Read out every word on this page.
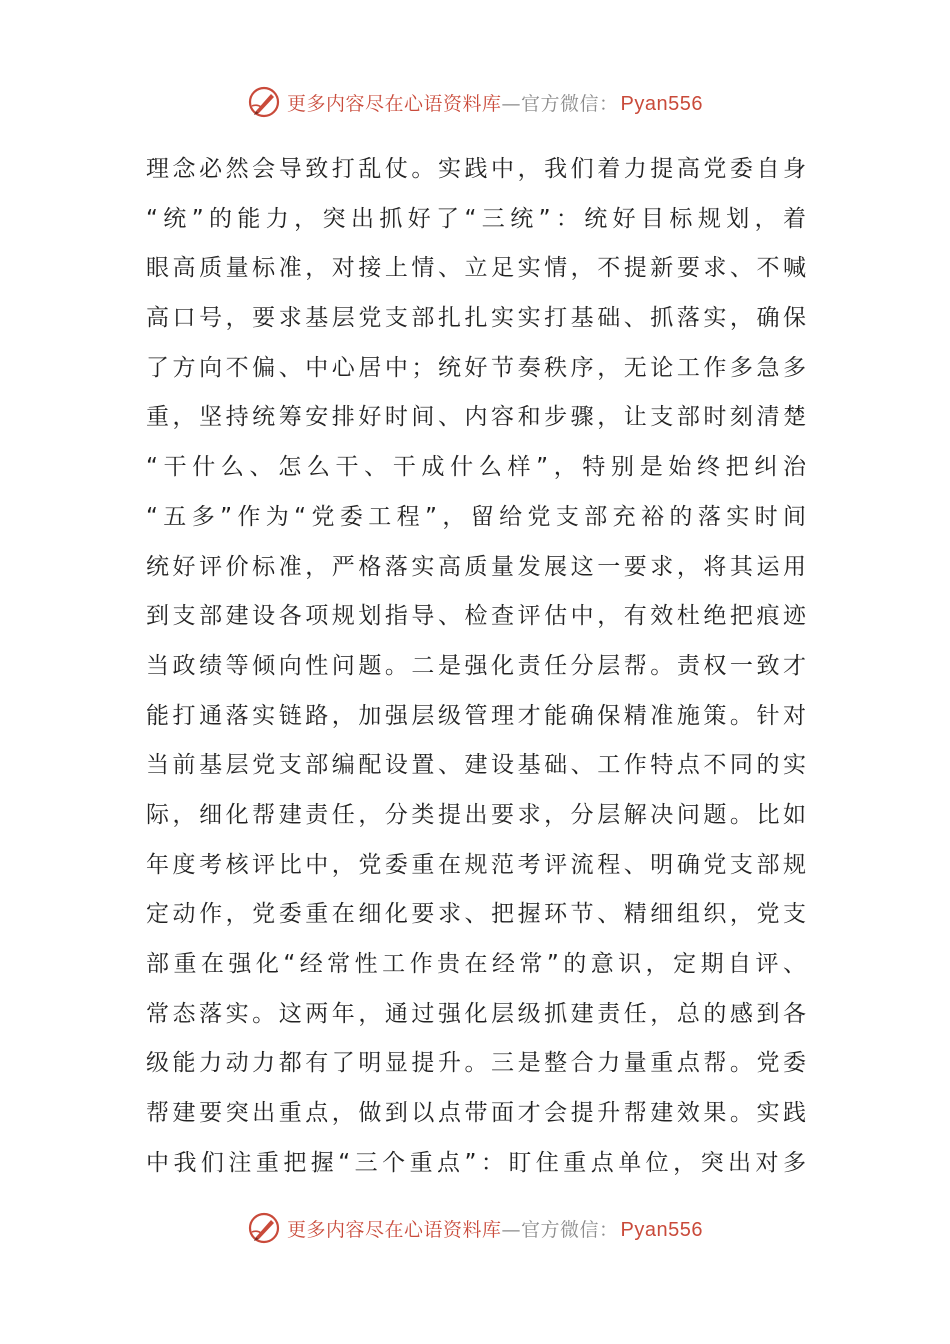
更多内容尽在心语资料库—官方微信： Pyan556
理念必然会导致打乱仗。实践中，我们着力提高党委自身
“统”的能力，突出抓好了“三统”：统好目标规划，着
眼高质量标准，对接上情、立足实情，不提新要求、不喊
高口号，要求基层党支部扎扎实实打基础、抓落实，确保
了方向不偏、中心居中；统好节奏秩序，无论工作多急多
重，坚持统筹安排好时间、内容和步骤，让支部时刻清楚
“干什么、怎么干、干成什么样”，特别是始终把纠治
“五多”作为“党委工程”，留给党支部充裕的落实时间
统好评价标准，严格落实高质量发展这一要求，将其运用
到支部建设各项规划指导、检查评估中，有效杜绝把痕迹
当政绩等倾向性问题。二是强化责任分层帮。责权一致才
能打通落实链路，加强层级管理才能确保精准施策。针对
当前基层党支部编配设置、建设基础、工作特点不同的实
际，细化帮建责任，分类提出要求，分层解决问题。比如
年度考核评比中，党委重在规范考评流程、明确党支部规
定动作，党委重在细化要求、把握环节、精细组织，党支
部重在强化“经常性工作贵在经常”的意识，定期自评、
常态落实。这两年，通过强化层级抓建责任，总的感到各
级能力动力都有了明显提升。三是整合力量重点帮。党委
帮建要突出重点，做到以点带面才会提升帮建效果。实践
中我们注重把握“三个重点”：盯住重点单位，突出对多
更多内容尽在心语资料库—官方微信： Pyan556
